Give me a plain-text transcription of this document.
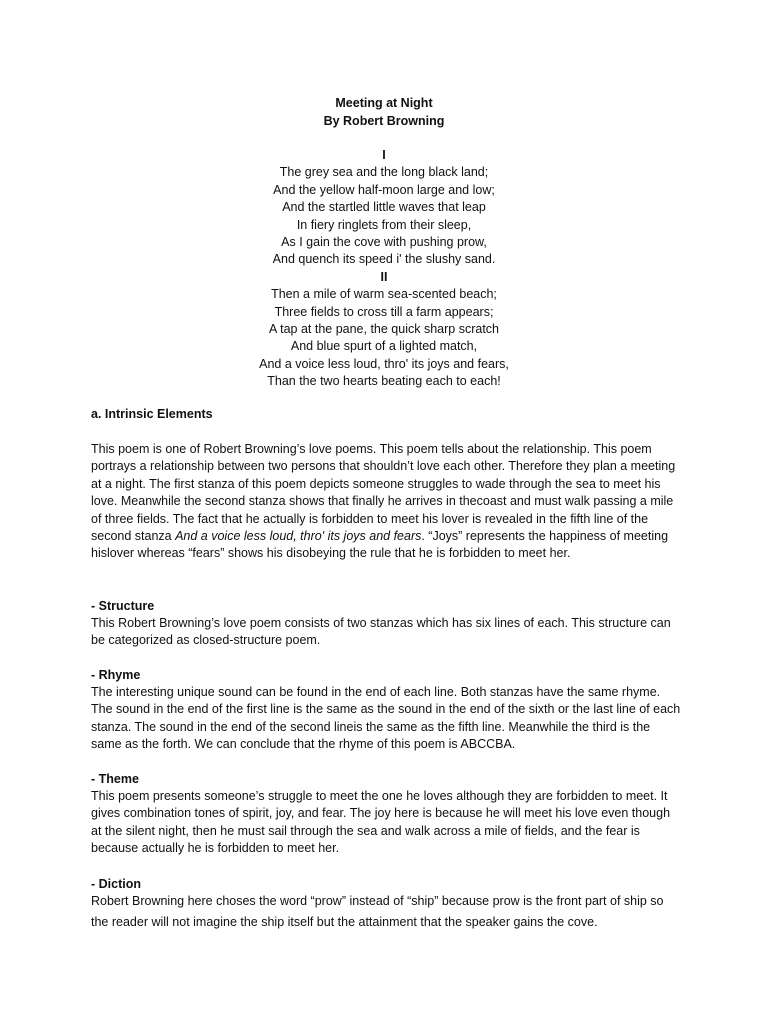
Meeting at Night
By Robert Browning
I
The grey sea and the long black land;
And the yellow half-moon large and low;
And the startled little waves that leap
In fiery ringlets from their sleep,
As I gain the cove with pushing prow,
And quench its speed i' the slushy sand.
II
Then a mile of warm sea-scented beach;
Three fields to cross till a farm appears;
A tap at the pane, the quick sharp scratch
And blue spurt of a lighted match,
And a voice less loud, thro' its joys and fears,
Than the two hearts beating each to each!
a. Intrinsic Elements

This poem is one of Robert Browning’s love poems. This poem tells about the relationship. This poem portrays a relationship between two persons that shouldn’t love each other. Therefore they plan a meeting at a night. The first stanza of this poem depicts someone struggles to wade through the sea to meet his love. Meanwhile the second stanza shows that finally he arrives in thecoast and must walk passing a mile of three fields. The fact that he actually is forbidden to meet his lover is revealed in the fifth line of the second stanza And a voice less loud, thro' its joys and fears. “Joys” represents the happiness of meeting hislover whereas “fears” shows his disobeying the rule that he is forbidden to meet her.

- Structure
This Robert Browning’s love poem consists of two stanzas which has six lines of each. This structure can be categorized as closed-structure poem.
- Rhyme
The interesting unique sound can be found in the end of each line. Both stanzas have the same rhyme. The sound in the end of the first line is the same as the sound in the end of the sixth or the last line of each stanza. The sound in the end of the second lineis the same as the fifth line. Meanwhile the third is the same as the forth. We can conclude that the rhyme of this poem is ABCCBA.
- Theme
This poem presents someone’s struggle to meet the one he loves although they are forbidden to meet. It gives combination tones of spirit, joy, and fear. The joy here is because he will meet his love even though at the silent night, then he must sail through the sea and walk across a mile of fields, and the fear is because actually he is forbidden to meet her.
- Diction
Robert Browning here choses the word “prow” instead of “ship” because prow is the front part of ship so the reader will not imagine the ship itself but the attainment that the speaker gains the cove.
